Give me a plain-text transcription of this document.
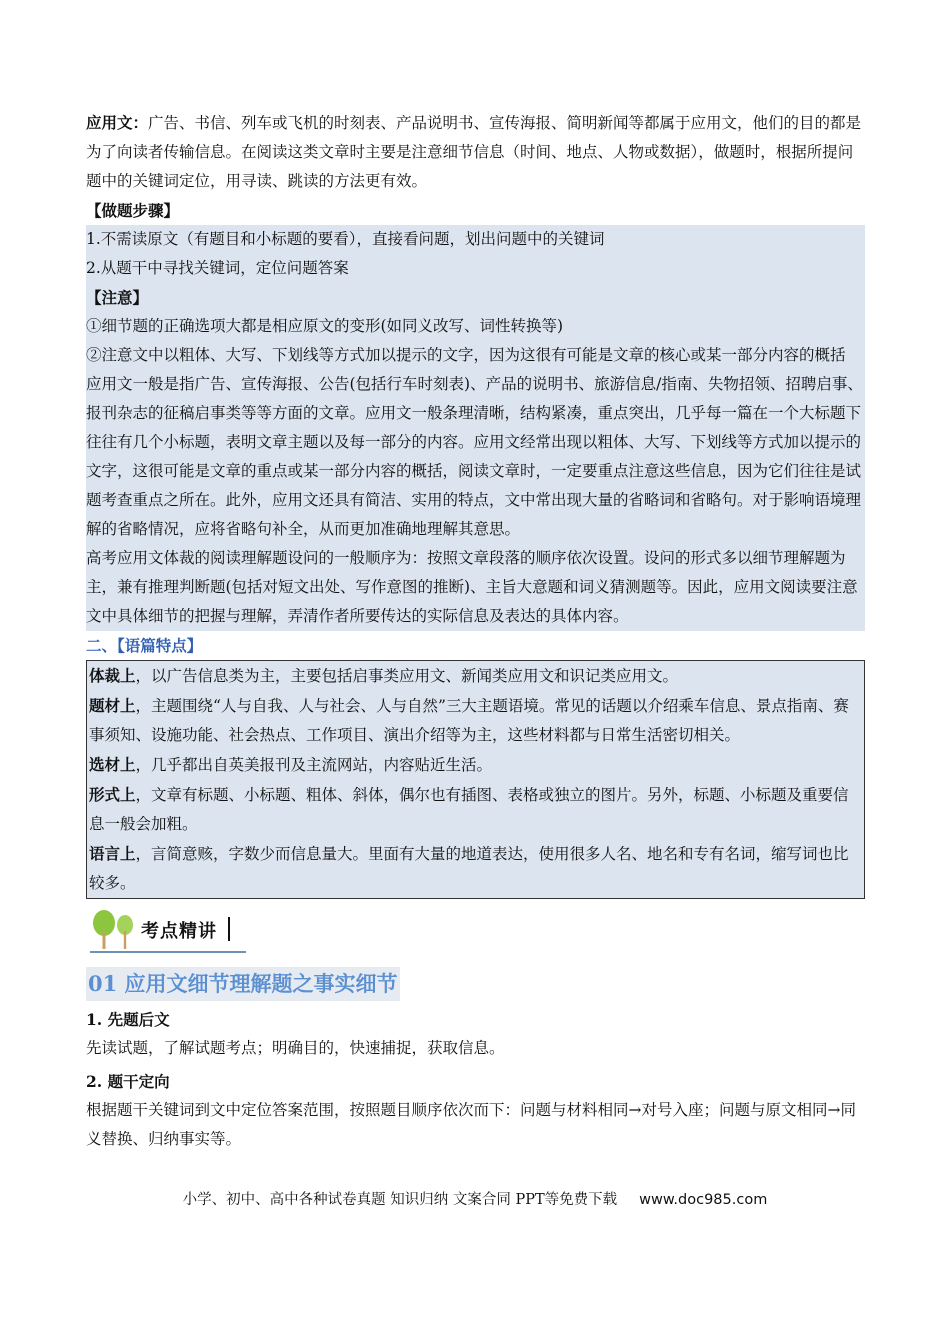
应用文：广告、书信、列车或飞机的时刻表、产品说明书、宣传海报、简明新闻等都属于应用文，他们的目的都是为了向读者传输信息。在阅读这类文章时主要是注意细节信息（时间、地点、人物或数据），做题时，根据所提问题中的关键词定位，用寻读、跳读的方法更有效。

【做题步骤】

1.不需读原文（有题目和小标题的要看），直接看问题，划出问题中的关键词

2.从题干中寻找关键词，定位问题答案

【注意】

①细节题的正确选项大都是相应原文的变形(如同义改写、词性转换等)

②注意文中以粗体、大写、下划线等方式加以提示的文字，因为这很有可能是文章的核心或某一部分内容的概括

应用文一般是指广告、宣传海报、公告(包括行车时刻表)、产品的说明书、旅游信息/指南、失物招领、招聘启事、报刊杂志的征稿启事类等等方面的文章。应用文一般条理清晰，结构紧凑，重点突出，几乎每一篇在一个大标题下往往有几个小标题，表明文章主题以及每一部分的内容。应用文经常出现以粗体、大写、下划线等方式加以提示的文字，这很可能是文章的重点或某一部分内容的概括，阅读文章时，一定要重点注意这些信息，因为它们往往是试题考查重点之所在。此外，应用文还具有简洁、实用的特点，文中常出现大量的省略词和省略句。对于影响语境理解的省略情况，应将省略句补全，从而更加准确地理解其意思。

高考应用文体裁的阅读理解题设问的一般顺序为：按照文章段落的顺序依次设置。设问的形式多以细节理解题为主，兼有推理判断题(包括对短文出处、写作意图的推断)、主旨大意题和词义猜测题等。因此，应用文阅读要注意文中具体细节的把握与理解，弄清作者所要传达的实际信息及表达的具体内容。

二、【语篇特点】

体裁上，以广告信息类为主，主要包括启事类应用文、新闻类应用文和识记类应用文。

题材上，主题围绕“人与自我、人与社会、人与自然”三大主题语境。常见的话题以介绍乘车信息、景点指南、赛事须知、设施功能、社会热点、工作项目、演出介绍等为主，这些材料都与日常生活密切相关。

选材上，几乎都出自英美报刊及主流网站，内容贴近生活。

形式上，文章有标题、小标题、粗体、斜体，偶尔也有插图、表格或独立的图片。另外，标题、小标题及重要信息一般会加粗。

语言上，言简意赅，字数少而信息量大。里面有大量的地道表达，使用很多人名、地名和专有名词，缩写词也比较多。

考点精讲
01 应用文细节理解题之事实细节

1. 先题后文

先读试题，了解试题考点；明确目的，快速捕捉，获取信息。

2. 题干定向

根据题干关键词到文中定位答案范围，按照题目顺序依次而下：问题与材料相同→对号入座；问题与原文相同→同义替换、归纳事实等。

小学、初中、高中各种试卷真题 知识归纳 文案合同 PPT等免费下载 www.doc985.com
